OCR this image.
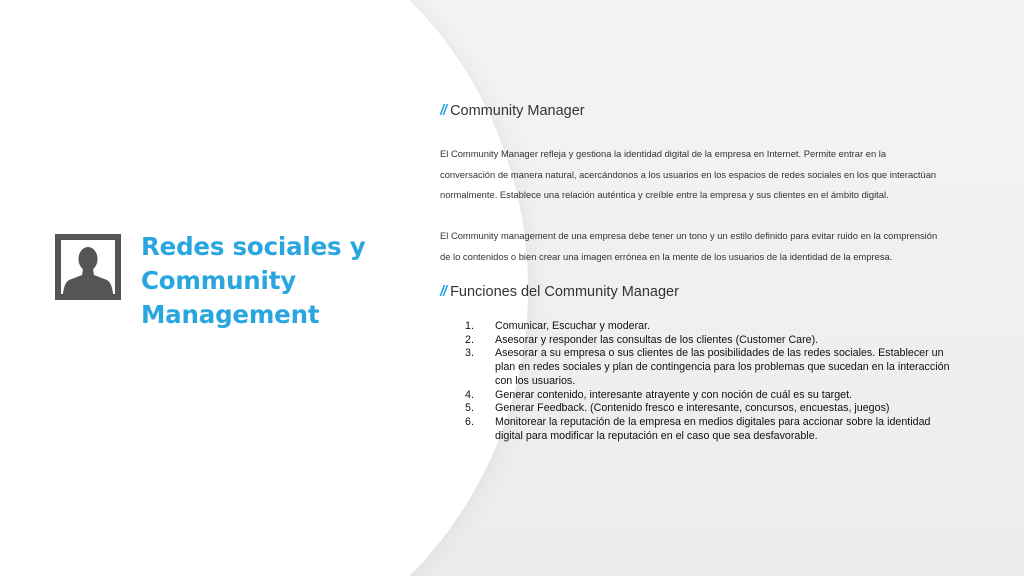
Redes sociales y
Community
Management
// Community Manager

El Community Manager refleja y gestiona la identidad digital de la empresa en Internet. Permite entrar en la
conversación de manera natural, acercándonos a los usuarios en los espacios de redes sociales en los que interactúan
normalmente. Establece una relación auténtica y creíble entre la empresa y sus clientes en el ámbito digital.

El Community management de una empresa debe tener un tono y un estilo definido para evitar ruido en la comprensión
de lo contenidos o bien crear una imagen errónea en la mente de los usuarios de la identidad de la empresa.

// Funciones del Community Manager
1.	Comunicar, Escuchar y moderar.
2.	Asesorar y responder las consultas de los clientes (Customer Care).
3.	Asesorar a su empresa o sus clientes de las posibilidades de las redes sociales. Establecer un
plan en redes sociales y plan de contingencia para los problemas que sucedan en la interacción
con los usuarios.
4.	Generar contenido, interesante atrayente y con noción de cuál es su target.
5.	Generar Feedback. (Contenido fresco e interesante, concursos, encuestas, juegos)
6.	Monitorear la reputación de la empresa en medios digitales para accionar sobre la identidad
digital para modificar la reputación en el caso que sea desfavorable.
